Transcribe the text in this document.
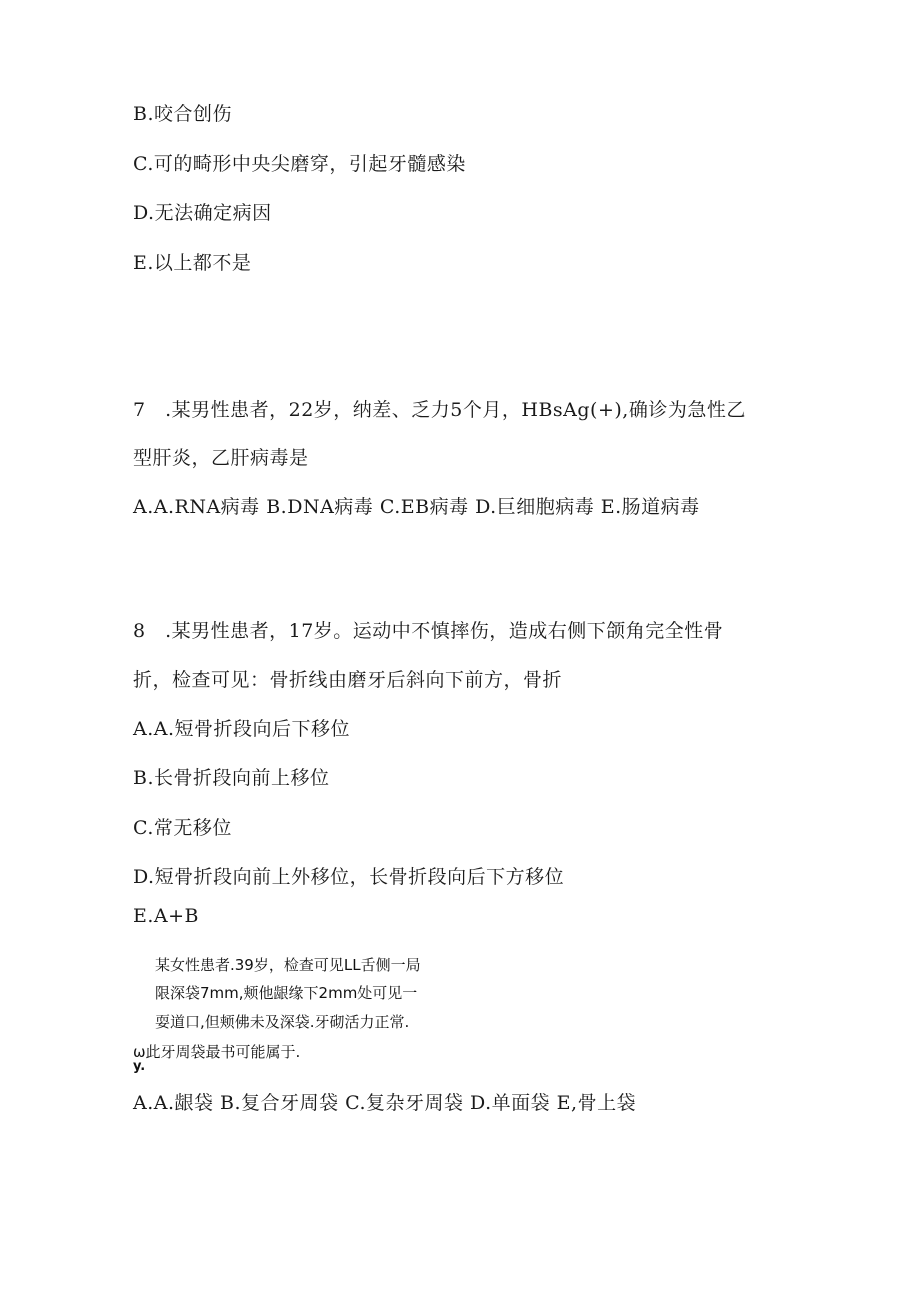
B.咬合创伤
C.可的畸形中央尖磨穿，引起牙髓感染
D.无法确定病因
E.以上都不是
7　.某男性患者，22岁，纳差、乏力5个月，HBsAg(+),确诊为急性乙
型肝炎，乙肝病毒是
A.A.RNA病毒 B.DNA病毒 C.EB病毒 D.巨细胞病毒 E.肠道病毒
8　.某男性患者，17岁。运动中不慎摔伤，造成右侧下颌角完全性骨
折，检查可见：骨折线由磨牙后斜向下前方，骨折
A.A.短骨折段向后下移位
B.长骨折段向前上移位
C.常无移位
D.短骨折段向前上外移位，长骨折段向后下方移位
E.A+B
某女性患者.39岁，检查可见LL舌侧一局
限深袋7mm,颊他龈缘下2mm处可见一
耍道口,但颊佛未及深袋.牙砌活力正常.
ω此牙周袋最书可能属于.
y.
A.A.龈袋 B.复合牙周袋 C.复杂牙周袋 D.单面袋 E,骨上袋
